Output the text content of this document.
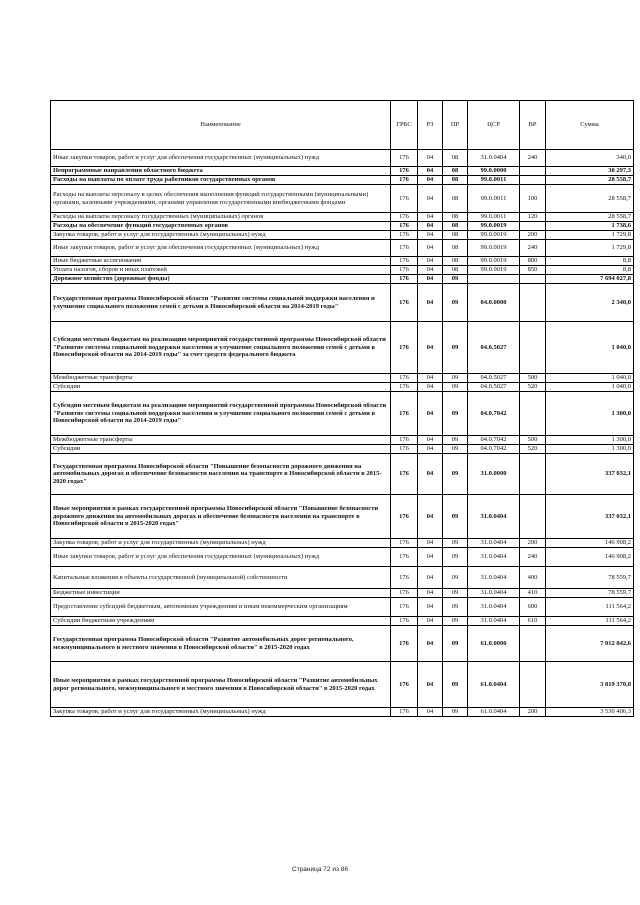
Наименование	ГРБС	РЗ	ПР	ЦСР	ВР	Сумма
Иные закупки товаров, работ и услуг для обеспечения государственных (муниципальных) нужд	176	04	08	31.0.0404	240	340,0
Непрограммные направления областного бюджета	176	04	08	99.0.0000		30 297,3
Расходы на выплаты по оплате труда работников государственных органов	176	04	08	99.0.0011		28 558,7
Расходы на выплаты персоналу в целях обеспечения выполнения функций государственными (муниципальными) органами, казенными учреждениями, органами управления государственными внебюджетными фондами	176	04	08	99.0.0011	100	28 558,7
Расходы на выплаты персоналу государственных (муниципальных) органов	176	04	08	99.0.0011	120	28 558,7
Расходы на обеспечение функций государственных органов	176	04	08	99.0.0019		1 738,6
Закупка товаров, работ и услуг для государственных (муниципальных) нужд	176	04	08	99.0.0019	200	1 729,8
Иные закупки товаров, работ и услуг для обеспечения государственных (муниципальных) нужд	176	04	08	99.0.0019	240	1 729,8
Иные бюджетные ассигнования	176	04	08	99.0.0019	800	8,8
Уплата налогов, сборов и иных платежей	176	04	08	99.0.0019	850	8,8
Дорожное хозяйство (дорожные фонды)	176	04	09			7 694 027,8
Государственная программа Новосибирской области "Развитие системы социальной поддержки населения и улучшение социального положения семей с детьми в Новосибирской области на 2014-2019 годы"	176	04	09	04.0.0000		2 340,0
Субсидия местным бюджетам на реализацию мероприятий государственной программы Новосибирской области "Развитие системы социальной поддержки населения и улучшение социального положения семей с детьми в Новосибирской области на 2014-2019 годы" за счет средств федерального бюджета	176	04	09	04.0.5027		1 040,0
Межбюджетные трансферты	176	04	09	04.0.5027	500	1 040,0
Субсидии	176	04	09	04.0.5027	520	1 040,0
Субсидии местным бюджетам на реализацию мероприятий государственной программы Новосибирской области "Развитие системы социальной поддержки населения и улучшение социального положения семей с детьми в Новосибирской области на 2014-2019 годы"	176	04	09	04.0.7042		1 300,0
Межбюджетные трансферты	176	04	09	04.0.7042	500	1 300,0
Субсидии	176	04	09	04.0.7042	520	1 300,0
Государственная программа Новосибирской области "Повышение безопасности дорожного движения на автомобильных дорогах и обеспечение безопасности населения на транспорте в Новосибирской области в 2015-2020 годах"	176	04	09	31.0.0000		337 032,1
Иные мероприятия в рамках государственной программы Новосибирской области "Повышение безопасности дорожного движения на автомобильных дорогах и обеспечение безопасности населения на транспорте в Новосибирской области в 2015-2020 годах"	176	04	09	31.0.0404		337 032,1
Закупка товаров, работ и услуг для государственных (муниципальных) нужд	176	04	09	31.0.0404	200	146 908,2
Иные закупки товаров, работ и услуг для обеспечения государственных (муниципальных) нужд	176	04	09	31.0.0404	240	146 908,2
Капитальные вложения в объекты государственной (муниципальной) собственности	176	04	09	31.0.0404	400	78 559,7
Бюджетные инвестиции	176	04	09	31.0.0404	410	78 559,7
Предоставление субсидий бюджетным, автономным учреждениям и иным некоммерческим организациям	176	04	09	31.0.0404	600	111 564,2
Субсидии бюджетным учреждениям	176	04	09	31.0.0404	610	111 564,2
Государственная программа Новосибирской области "Развитие автомобильных дорог регионального, межмуниципального и местного значения в Новосибирской области" в 2015-2020 годах	176	04	09	61.0.0000		7 012 842,6
Иные мероприятия в рамках государственной программы Новосибирской области "Развитие автомобильных дорог регионального, межмуниципального и местного значения в Новосибирской области" в 2015-2020 годах	176	04	09	61.0.0404		3 819 370,8
Закупка товаров, работ и услуг для государственных (муниципальных) нужд	176	04	09	61.0.0404	200	3 530 406,3
Страница 72 из 86
